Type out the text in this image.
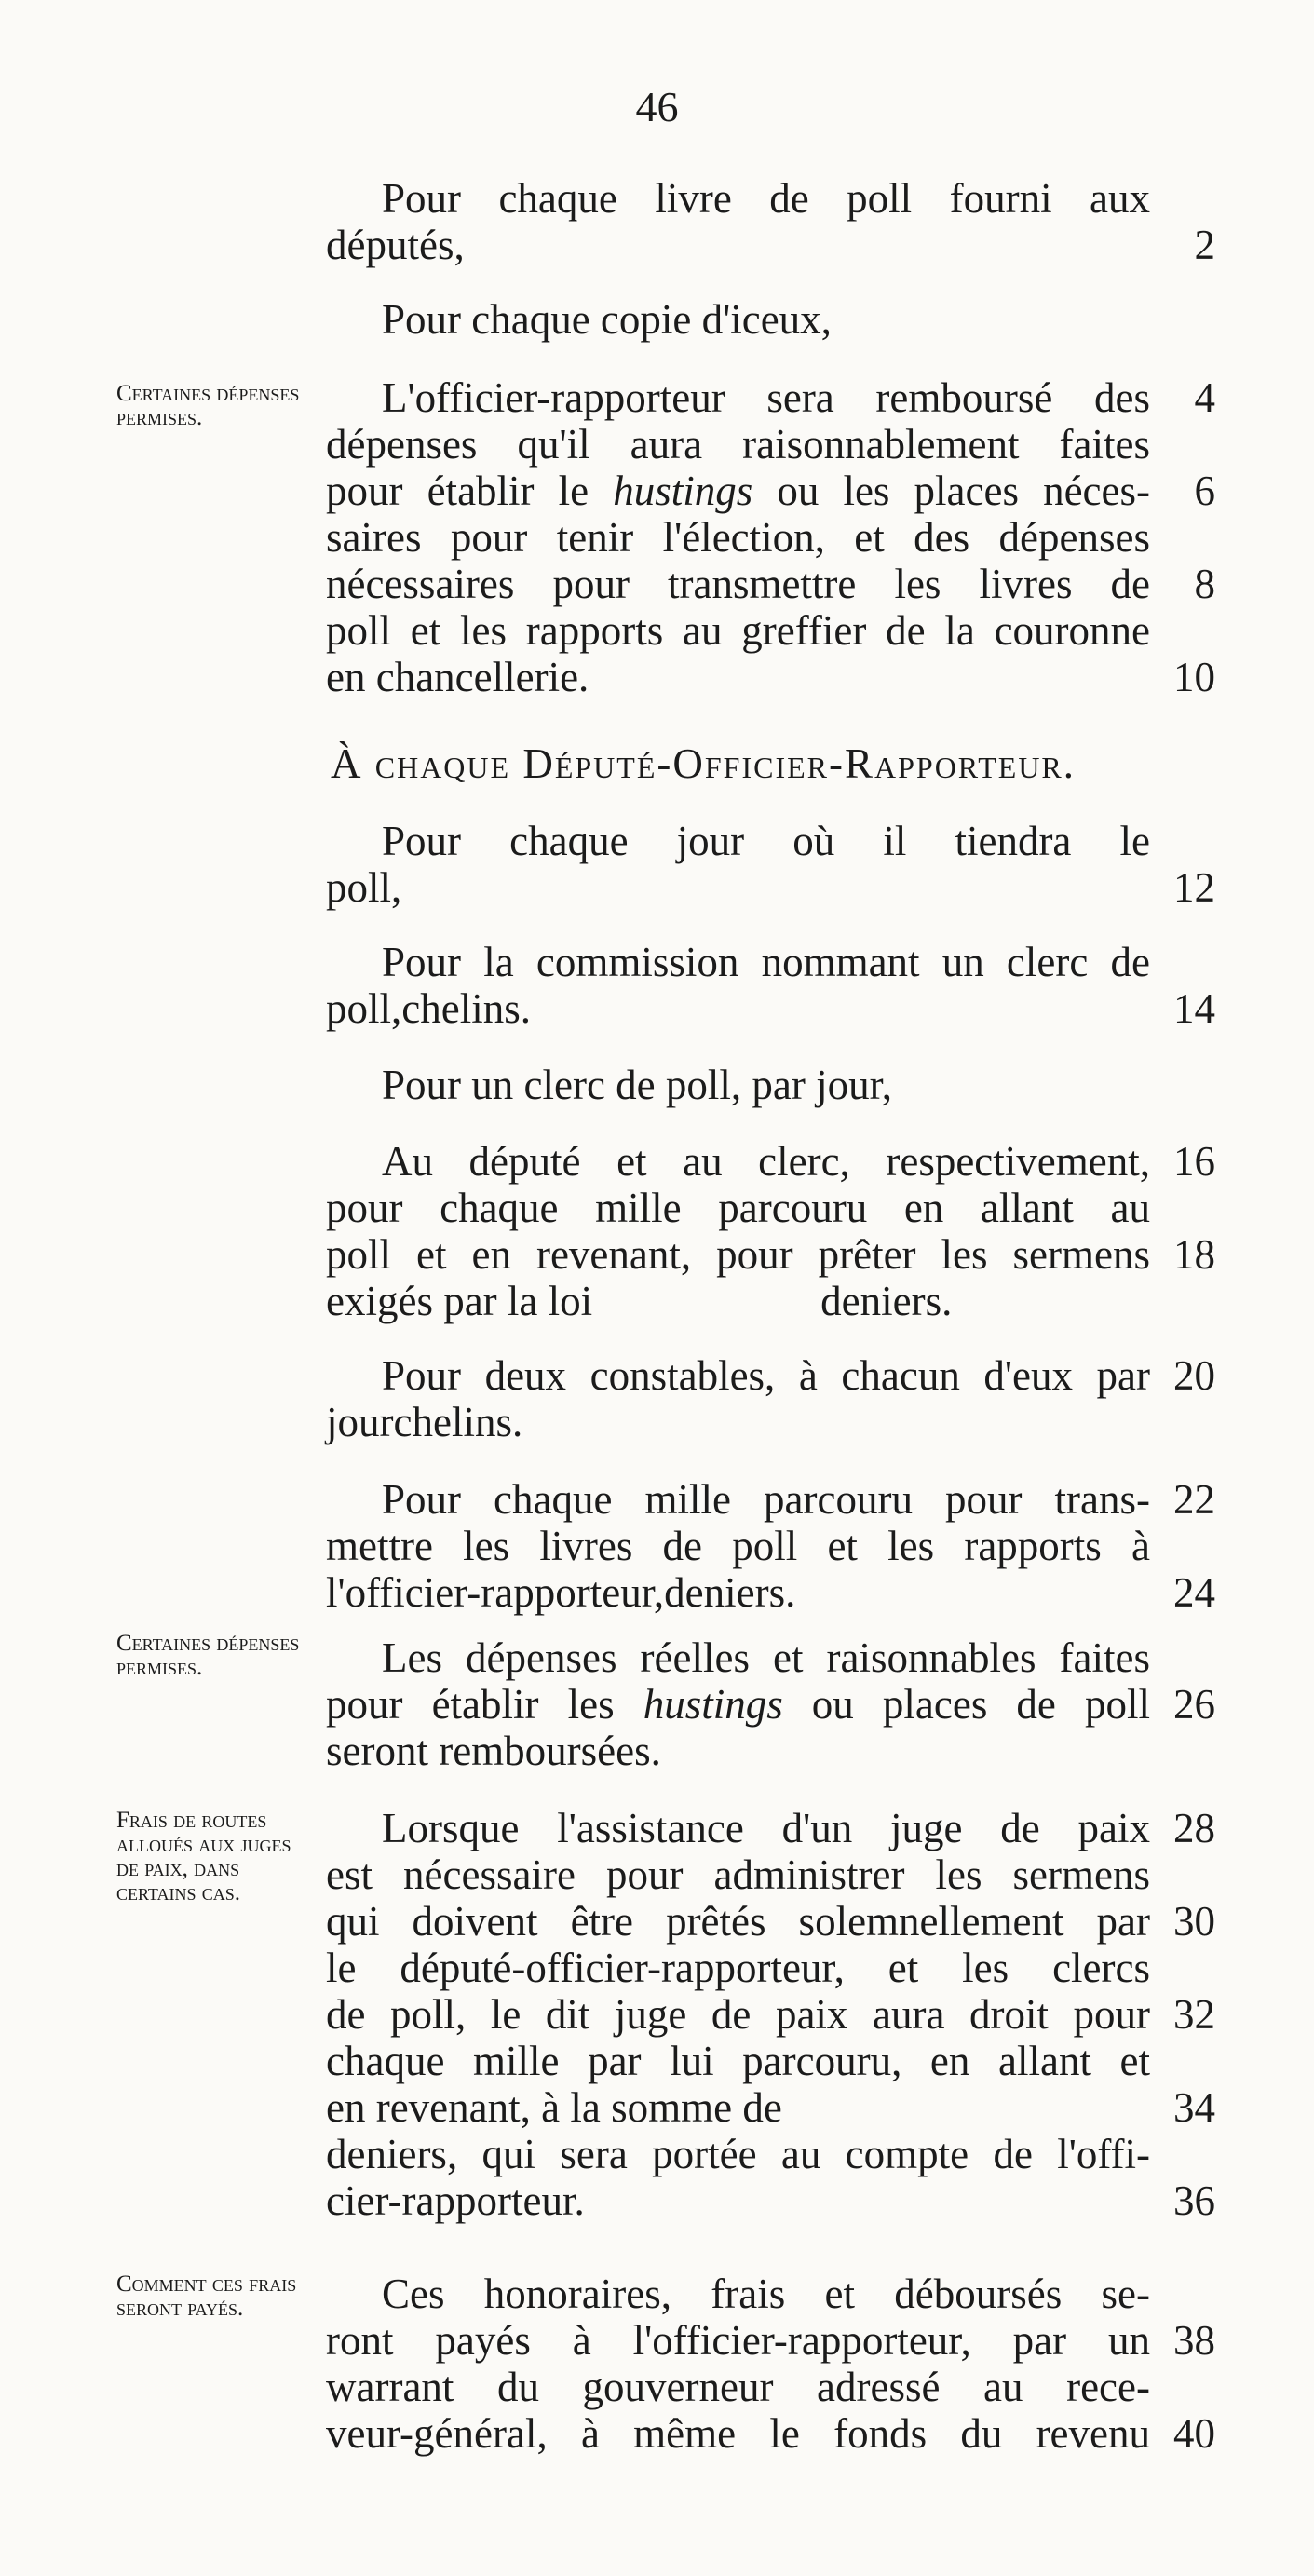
46
Pour chaque livre de poll fourni aux
députés,	2
Pour chaque copie d'iceux,
Certaines dépenses permises.	L'officier-rapporteur sera remboursé des	4
dépenses qu'il aura raisonnablement faites
pour établir le hustings ou les places néces-	6
saires pour tenir l'élection, et des dépenses
nécessaires pour transmettre les livres de	8
poll et les rapports au greffier de la couronne
en chancellerie.	10
À chaque Député-Officier-Rapporteur.
Pour chaque jour où il tiendra le
poll,	12
Pour la commission nommant un clerc de
poll,chelins.	14
Pour un clerc de poll, par jour,
Au député et au clerc, respectivement, 16
pour chaque mille parcouru en allant au
poll et en revenant, pour prêter les sermens 18
exigés par la loi	deniers.
Pour deux constables, à chacun d'eux par 20
jourchelins.
Pour chaque mille parcouru pour trans- 22
mettre les livres de poll et les rapports à
l'officier-rapporteur,deniers.	24
Certaines dépenses permises.	Les dépenses réelles et raisonnables faites
pour établir les hustings ou places de poll 26
seront remboursées.
Frais de routes alloués aux juges de paix, dans certains cas.
Lorsque l'assistance d'un juge de paix 28
est nécessaire pour administrer les sermens
qui doivent être prêtés solemnellement par 30
le député-officier-rapporteur, et les clercs
de poll, le dit juge de paix aura droit pour 32
chaque mille par lui parcouru, en allant et
en revenant, à la somme de	34
deniers, qui sera portée au compte de l'offi-
cier-rapporteur.	36
Comment ces frais seront payés.	Ces honoraires, frais et déboursés se-
ront payés à l'officier-rapporteur, par un 38
warrant du gouverneur adressé au rece-
veur-général, à même le fonds du revenu 40
